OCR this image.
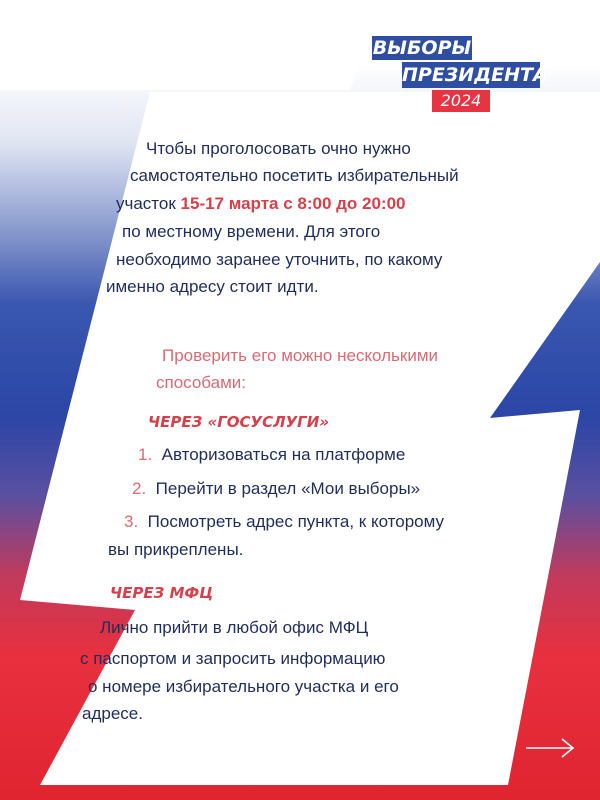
ВЫБОРЫ
ПРЕЗИДЕНТА
2024
Чтобы проголосовать очно нужно
самостоятельно посетить избирательный
участок 15-17 марта с 8:00 до 20:00
по местному времени. Для этого
необходимо заранее уточнить, по какому
именно адресу стоит идти.
Проверить его можно несколькими
способами:
ЧЕРЕЗ «ГОСУСЛУГИ»
1. Авторизоваться на платформе
2. Перейти в раздел «Мои выборы»
3. Посмотреть адрес пункта, к которому
вы прикреплены.
ЧЕРЕЗ МФЦ
Лично прийти в любой офис МФЦ
с паспортом и запросить информацию
о номере избирательного участка и его
адресе.
